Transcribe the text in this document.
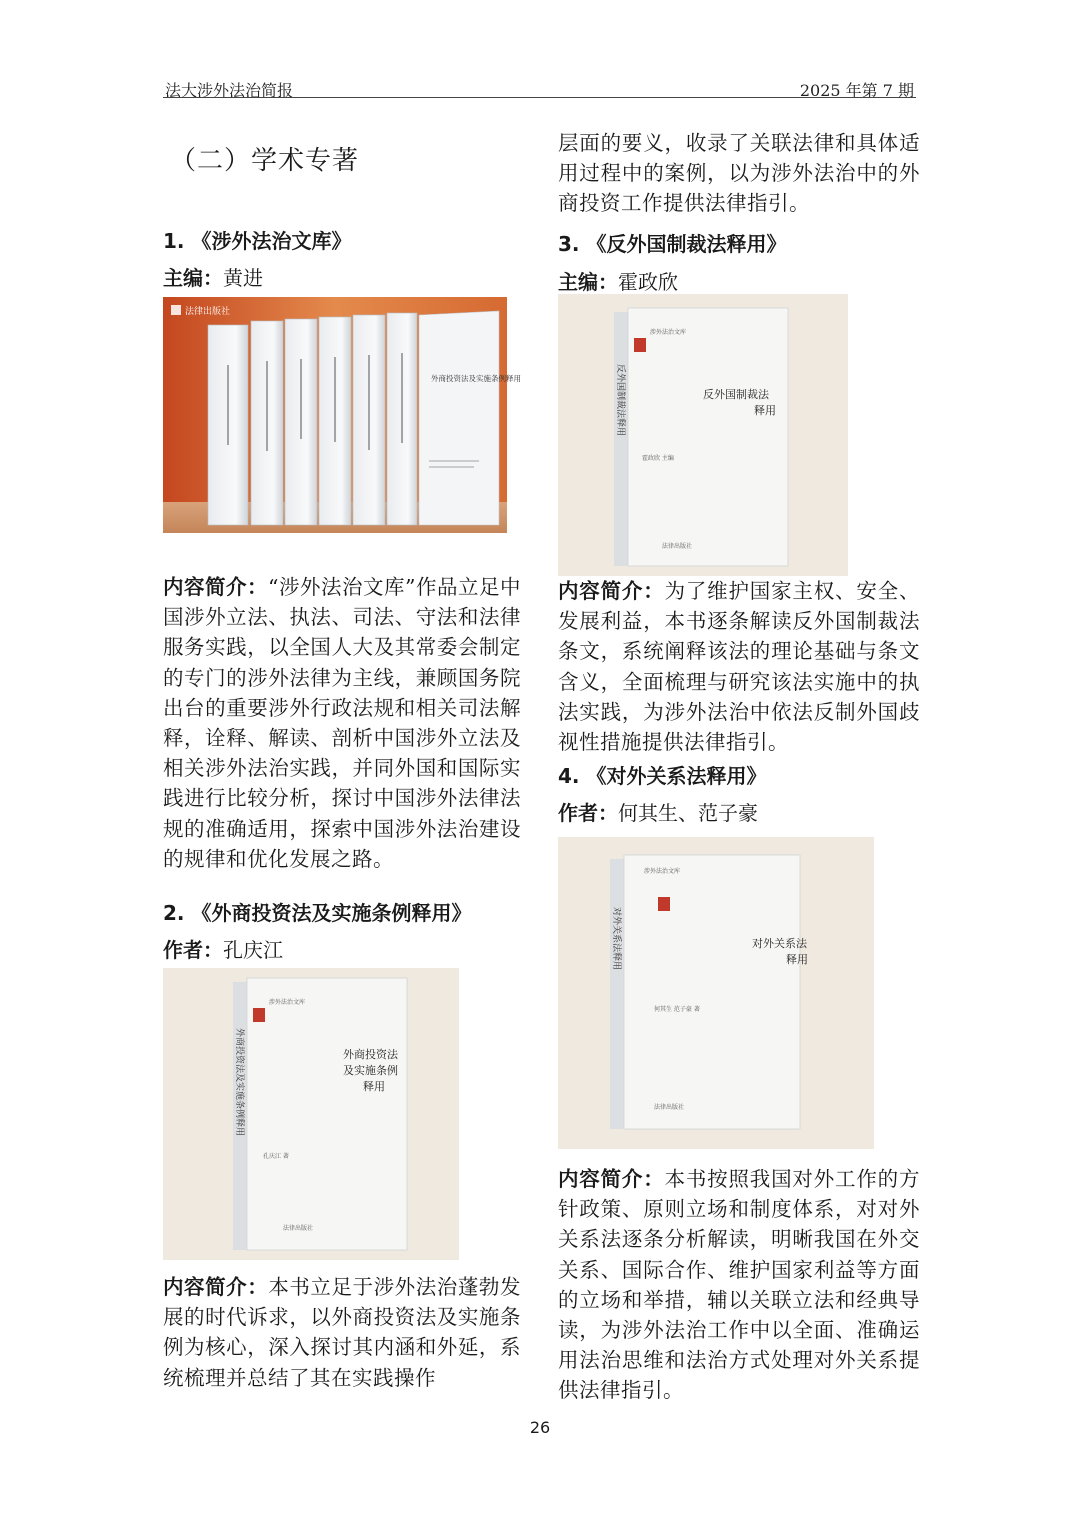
法大涉外法治简报	2025 年第 7 期
（二）学术专著
1. 《涉外法治文库》
主编：黄进
法律出版社
外商投资法及实施条例释用
内容简介：“涉外法治文库”作品立足中国涉外立法、执法、司法、守法和法律服务实践，以全国人大及其常委会制定的专门的涉外法律为主线，兼顾国务院出台的重要涉外行政法规和相关司法解释，诠释、解读、剖析中国涉外立法及相关涉外法治实践，并同外国和国际实践进行比较分析，探讨中国涉外法律法规的准确适用，探索中国涉外法治建设的规律和优化发展之路。
2. 《外商投资法及实施条例释用》
作者：孔庆江
涉外法治文库
外商投资法及实施条例释用	外商投资法
及实施条例
释用
孔庆江 著
法律出版社
内容简介：本书立足于涉外法治蓬勃发展的时代诉求，以外商投资法及实施条例为核心，深入探讨其内涵和外延，系统梳理并总结了其在实践操作
层面的要义，收录了关联法律和具体适用过程中的案例，以为涉外法治中的外商投资工作提供法律指引。
3. 《反外国制裁法释用》
主编：霍政欣
涉外法治文库
反外国制裁法释用	反外国制裁法
释用
霍政欣 主编
法律出版社
内容简介：为了维护国家主权、安全、发展利益，本书逐条解读反外国制裁法条文，系统阐释该法的理论基础与条文含义，全面梳理与研究该法实施中的执法实践，为涉外法治中依法反制外国歧视性措施提供法律指引。
4. 《对外关系法释用》
作者：何其生、范子豪
涉外法治文库
对外关系法释用	对外关系法
释用
何其生 范子豪 著
法律出版社
内容简介：本书按照我国对外工作的方针政策、原则立场和制度体系，对对外关系法逐条分析解读，明晰我国在外交关系、国际合作、维护国家利益等方面的立场和举措，辅以关联立法和经典导读，为涉外法治工作中以全面、准确运用法治思维和法治方式处理对外关系提供法律指引。
26
